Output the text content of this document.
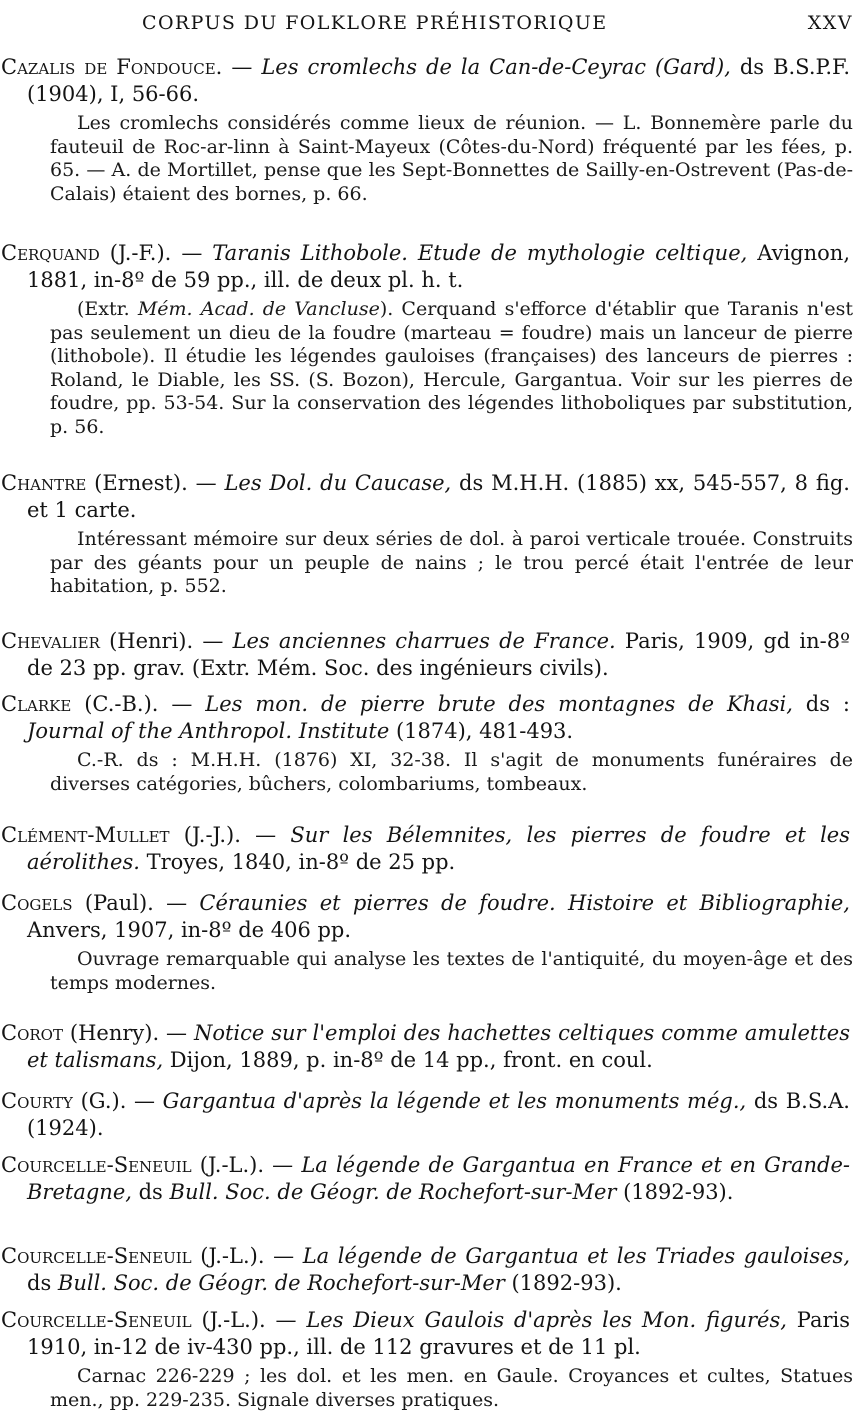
CORPUS DU FOLKLORE PRÉHISTORIQUE	XXV

Cazalis de Fondouce. — Les cromlechs de la Can-de-Ceyrac (Gard), ds B.S.P.F. (1904), I, 56-66.

Les cromlechs considérés comme lieux de réunion. — L. Bonnemère parle du fauteuil de Roc-ar-linn à Saint-Mayeux (Côtes-du-Nord) fréquenté par les fées, p. 65. — A. de Mortillet, pense que les Sept-Bonnettes de Sailly-en-Ostrevent (Pas-de-Calais) étaient des bornes, p. 66.

Cerquand (J.-F.). — Taranis Lithobole. Etude de mythologie celtique, Avignon, 1881, in-8º de 59 pp., ill. de deux pl. h. t.

(Extr. Mém. Acad. de Vancluse). Cerquand s'efforce d'établir que Taranis n'est pas seulement un dieu de la foudre (marteau = foudre) mais un lanceur de pierre (lithobole). Il étudie les légendes gauloises (françaises) des lanceurs de pierres : Roland, le Diable, les SS. (S. Bozon), Hercule, Gargantua. Voir sur les pierres de foudre, pp. 53-54. Sur la conservation des légendes lithoboliques par substitution, p. 56.

Chantre (Ernest). — Les Dol. du Caucase, ds M.H.H. (1885) xx, 545-557, 8 fig. et 1 carte.

Intéressant mémoire sur deux séries de dol. à paroi verticale trouée. Construits par des géants pour un peuple de nains ; le trou percé était l'entrée de leur habitation, p. 552.

Chevalier (Henri). — Les anciennes charrues de France. Paris, 1909, gd in-8º de 23 pp. grav. (Extr. Mém. Soc. des ingénieurs civils).

Clarke (C.-B.). — Les mon. de pierre brute des montagnes de Khasi, ds : Journal of the Anthropol. Institute (1874), 481-493.

C.-R. ds : M.H.H. (1876) XI, 32-38. Il s'agit de monuments funéraires de diverses catégories, bûchers, colombariums, tombeaux.

Clément-Mullet (J.-J.). — Sur les Bélemnites, les pierres de foudre et les aérolithes. Troyes, 1840, in-8º de 25 pp.

Cogels (Paul). — Céraunies et pierres de foudre. Histoire et Bibliographie, Anvers, 1907, in-8º de 406 pp.

Ouvrage remarquable qui analyse les textes de l'antiquité, du moyen-âge et des temps modernes.

Corot (Henry). — Notice sur l'emploi des hachettes celtiques comme amulettes et talismans, Dijon, 1889, p. in-8º de 14 pp., front. en coul.

Courty (G.). — Gargantua d'après la légende et les monuments még., ds B.S.A. (1924).

Courcelle-Seneuil (J.-L.). — La légende de Gargantua en France et en Grande-Bretagne, ds Bull. Soc. de Géogr. de Rochefort-sur-Mer (1892-93).

Courcelle-Seneuil (J.-L.). — La légende de Gargantua et les Triades gauloises, ds Bull. Soc. de Géogr. de Rochefort-sur-Mer (1892-93).

Courcelle-Seneuil (J.-L.). — Les Dieux Gaulois d'après les Mon. figurés, Paris 1910, in-12 de iv-430 pp., ill. de 112 gravures et de 11 pl.

Carnac 226-229 ; les dol. et les men. en Gaule. Croyances et cultes, Statues men., pp. 229-235. Signale diverses pratiques.
